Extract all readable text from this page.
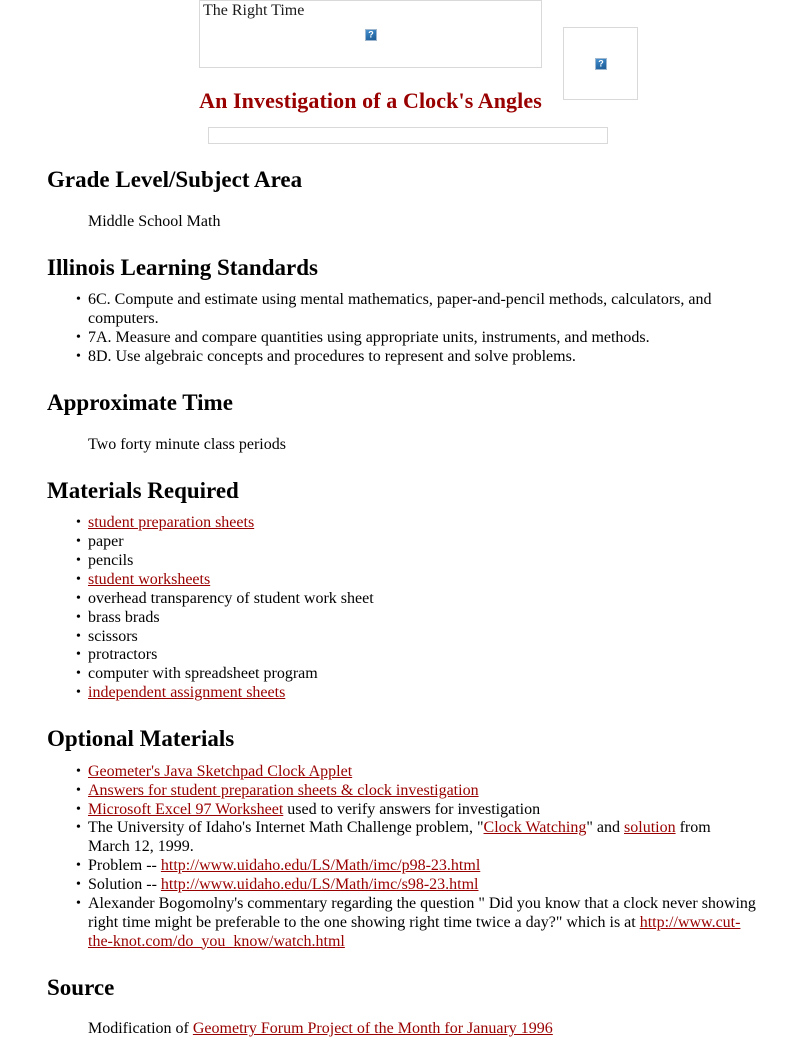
The Right Time
?
?
An Investigation of a Clock's Angles
Grade Level/Subject Area
Middle School Math
Illinois Learning Standards
• 6C. Compute and estimate using mental mathematics, paper-and-pencil methods, calculators, and computers.
• 7A. Measure and compare quantities using appropriate units, instruments, and methods.
• 8D. Use algebraic concepts and procedures to represent and solve problems.
Approximate Time
Two forty minute class periods
Materials Required
• student preparation sheets
• paper
• pencils
• student worksheets
• overhead transparency of student work sheet
• brass brads
• scissors
• protractors
• computer with spreadsheet program
• independent assignment sheets
Optional Materials
• Geometer's Java Sketchpad Clock Applet
• Answers for student preparation sheets & clock investigation
• Microsoft Excel 97 Worksheet used to verify answers for investigation
• The University of Idaho's Internet Math Challenge problem, "Clock Watching" and solution from March 12, 1999.
• Problem -- http://www.uidaho.edu/LS/Math/imc/p98-23.html
• Solution -- http://www.uidaho.edu/LS/Math/imc/s98-23.html
• Alexander Bogomolny's commentary regarding the question " Did you know that a clock never showing right time might be preferable to the one showing right time twice a day?" which is at http://www.cut-the-knot.com/do_you_know/watch.html
Source
Modification of Geometry Forum Project of the Month for January 1996
